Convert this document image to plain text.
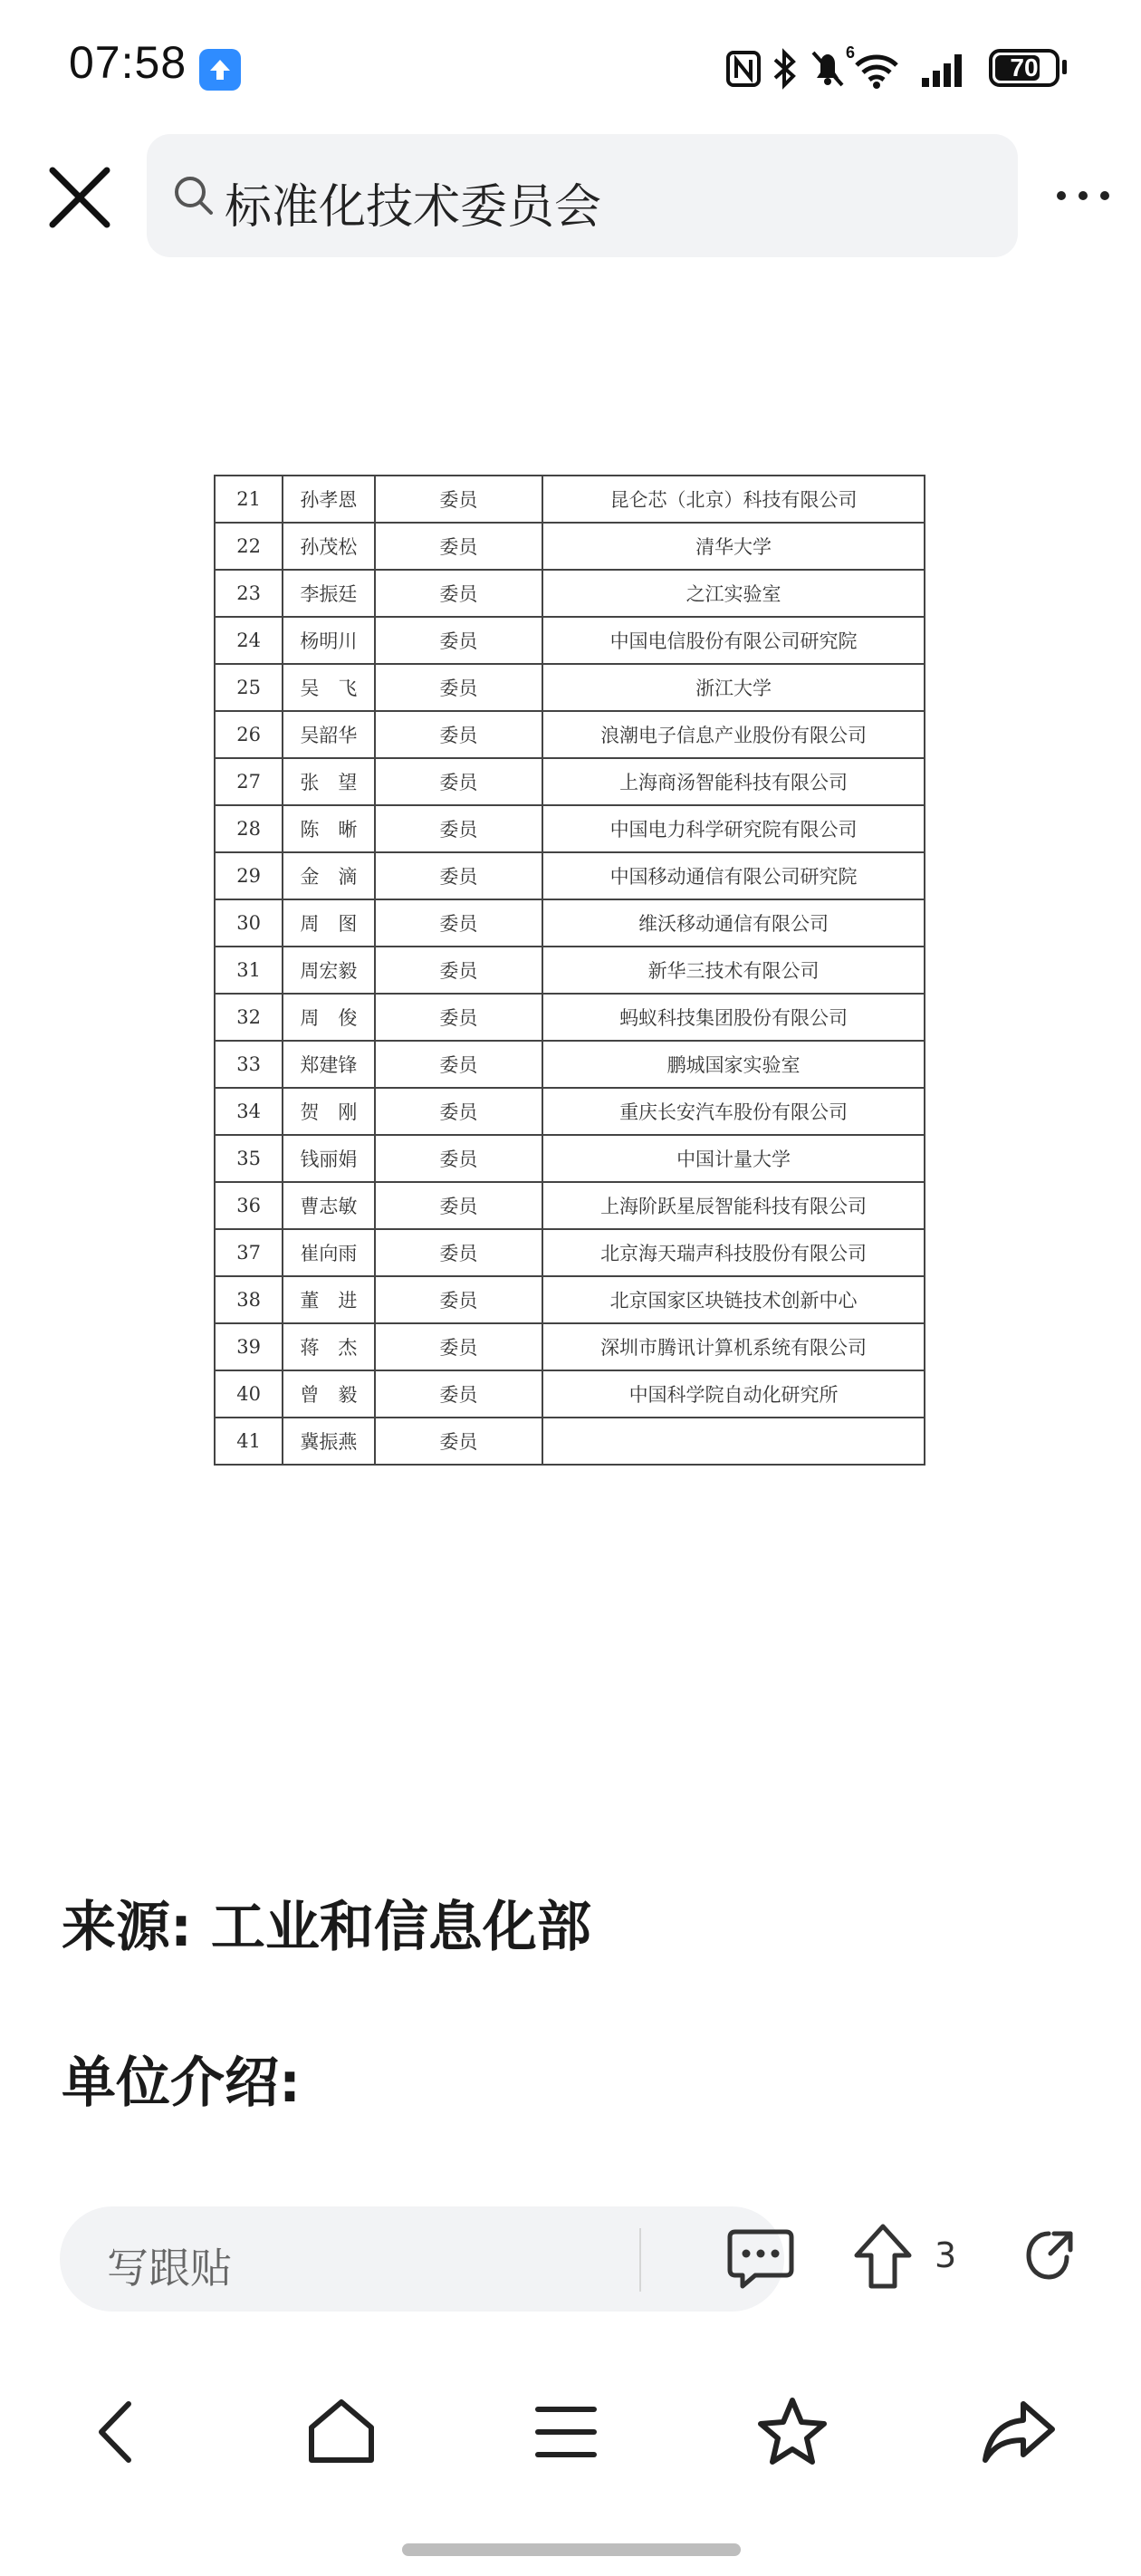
07:58	6
70
标准化技术委员会
21	孙孝恩	委员	昆仑芯（北京）科技有限公司
22	孙茂松	委员	清华大学
23	李振廷	委员	之江实验室
24	杨明川	委员	中国电信股份有限公司研究院
25	吴　飞	委员	浙江大学
26	吴韶华	委员	浪潮电子信息产业股份有限公司
27	张　望	委员	上海商汤智能科技有限公司
28	陈　晰	委员	中国电力科学研究院有限公司
29	金　滴	委员	中国移动通信有限公司研究院
30	周　图	委员	维沃移动通信有限公司
31	周宏毅	委员	新华三技术有限公司
32	周　俊	委员	蚂蚁科技集团股份有限公司
33	郑建锋	委员	鹏城国家实验室
34	贺　刚	委员	重庆长安汽车股份有限公司
35	钱丽娟	委员	中国计量大学
36	曹志敏	委员	上海阶跃星辰智能科技有限公司
37	崔向雨	委员	北京海天瑞声科技股份有限公司
38	董　进	委员	北京国家区块链技术创新中心
39	蒋　杰	委员	深圳市腾讯计算机系统有限公司
40	曾　毅	委员	中国科学院自动化研究所
41	冀振燕	委员	
来源: 工业和信息化部
单位介绍:
写跟贴	3
